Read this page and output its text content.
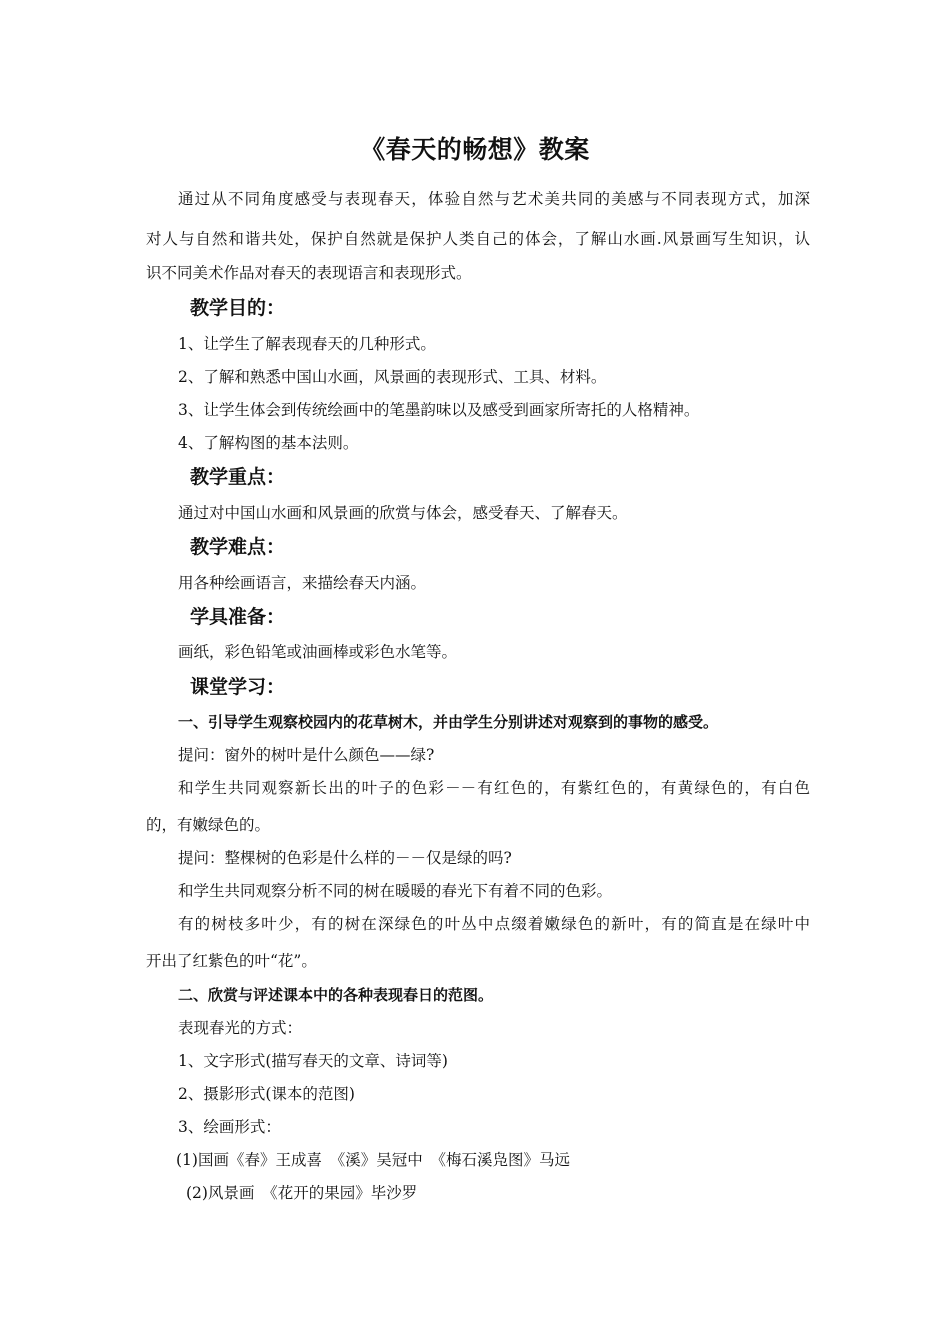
《春天的畅想》教案
通过从不同角度感受与表现春天，体验自然与艺术美共同的美感与不同表现方式，加深
对人与自然和谐共处，保护自然就是保护人类自己的体会，了解山水画.风景画写生知识，认
识不同美术作品对春天的表现语言和表现形式。
教学目的：
1、让学生了解表现春天的几种形式。
2、了解和熟悉中国山水画，风景画的表现形式、工具、材料。
3、让学生体会到传统绘画中的笔墨韵味以及感受到画家所寄托的人格精神。
4、了解构图的基本法则。
教学重点：
通过对中国山水画和风景画的欣赏与体会，感受春天、了解春天。
教学难点：
用各种绘画语言，来描绘春天内涵。
学具准备：
画纸，彩色铅笔或油画棒或彩色水笔等。
课堂学习：
一、引导学生观察校园内的花草树木，并由学生分别讲述对观察到的事物的感受。
提问：窗外的树叶是什么颜色——绿?
和学生共同观察新长出的叶子的色彩－－有红色的，有紫红色的，有黄绿色的，有白色
的，有嫩绿色的。
提问：整棵树的色彩是什么样的－－仅是绿的吗?
和学生共同观察分析不同的树在暖暖的春光下有着不同的色彩。
有的树枝多叶少，有的树在深绿色的叶丛中点缀着嫩绿色的新叶，有的简直是在绿叶中
开出了红紫色的叶“花”。
二、欣赏与评述课本中的各种表现春日的范图。
表现春光的方式：
1、文字形式(描写春天的文章、诗词等)
2、摄影形式(课本的范图)
3、绘画形式：
(1)国画《春》王成喜　《溪》吴冠中　《梅石溪凫图》马远
(2)风景画　《花开的果园》毕沙罗
